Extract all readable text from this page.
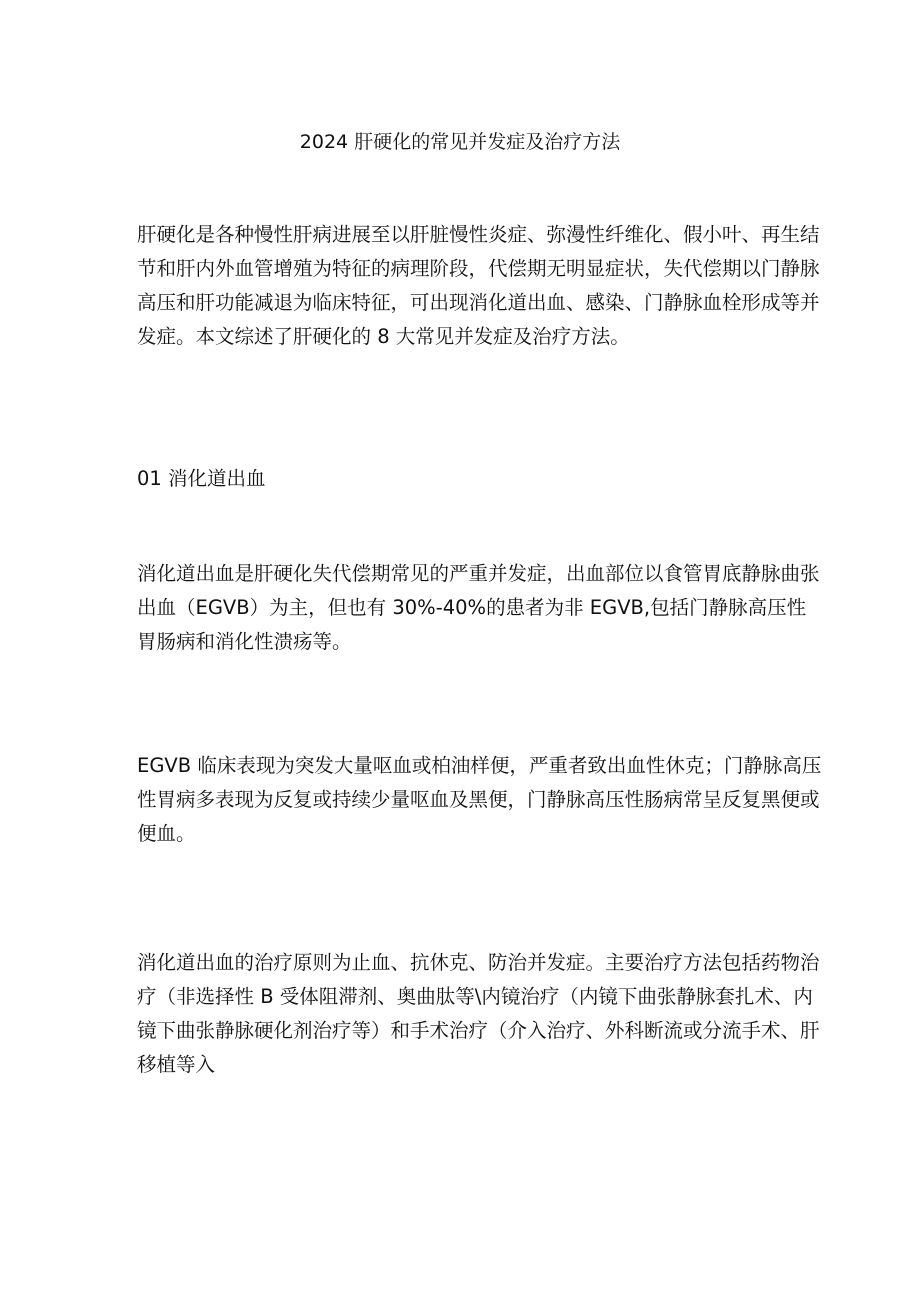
2024 肝硬化的常见并发症及治疗方法

肝硬化是各种慢性肝病进展至以肝脏慢性炎症、弥漫性纤维化、假小叶、再生结
节和肝内外血管增殖为特征的病理阶段，代偿期无明显症状，失代偿期以门静脉
高压和肝功能减退为临床特征，可出现消化道出血、感染、门静脉血栓形成等并
发症。本文综述了肝硬化的 8 大常见并发症及治疗方法。

01 消化道出血

消化道出血是肝硬化失代偿期常见的严重并发症，出血部位以食管胃底静脉曲张
出血（EGVB）为主，但也有 30%-40%的患者为非 EGVB,包括门静脉高压性
胃肠病和消化性溃疡等。

EGVB 临床表现为突发大量呕血或柏油样便，严重者致出血性休克；门静脉高压
性胃病多表现为反复或持续少量呕血及黑便，门静脉高压性肠病常呈反复黑便或
便血。

消化道出血的治疗原则为止血、抗休克、防治并发症。主要治疗方法包括药物治
疗（非选择性 B 受体阻滞剂、奥曲肽等\内镜治疗（内镜下曲张静脉套扎术、内
镜下曲张静脉硬化剂治疗等）和手术治疗（介入治疗、外科断流或分流手术、肝
移植等入
